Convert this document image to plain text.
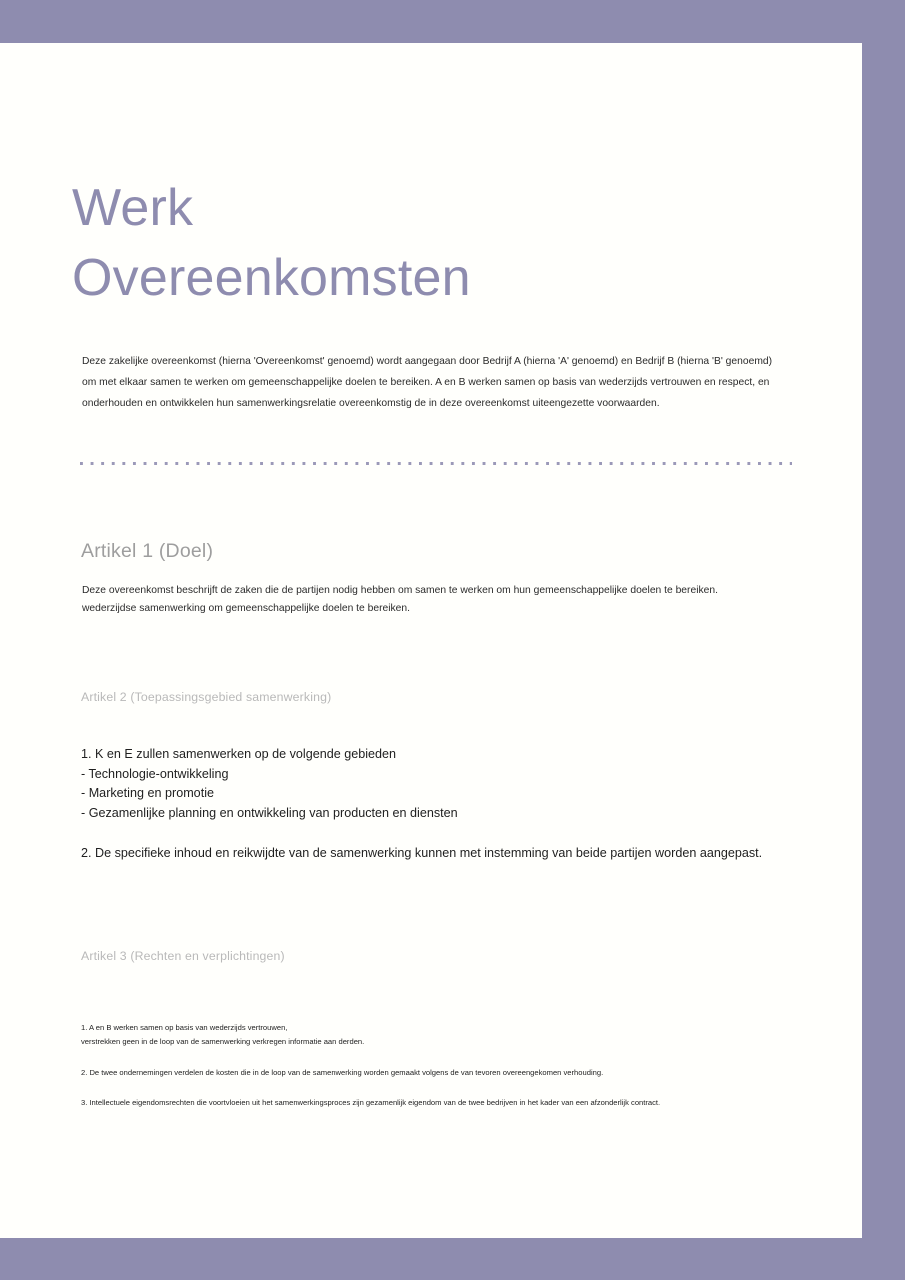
Werk
Overeenkomsten

Deze zakelijke overeenkomst (hierna 'Overeenkomst' genoemd) wordt aangegaan door Bedrijf A (hierna 'A' genoemd) en Bedrijf B (hierna 'B' genoemd) om met elkaar samen te werken om gemeenschappelijke doelen te bereiken. A en B werken samen op basis van wederzijds vertrouwen en respect, en onderhouden en ontwikkelen hun samenwerkingsrelatie overeenkomstig de in deze overeenkomst uiteengezette voorwaarden.

Artikel 1 (Doel)
Deze overeenkomst beschrijft de zaken die de partijen nodig hebben om samen te werken om hun gemeenschappelijke doelen te bereiken.
wederzijdse samenwerking om gemeenschappelijke doelen te bereiken.
Artikel 2 (Toepassingsgebied samenwerking)
1. K en E zullen samenwerken op de volgende gebieden
- Technologie-ontwikkeling
- Marketing en promotie
- Gezamenlijke planning en ontwikkeling van producten en diensten
2. De specifieke inhoud en reikwijdte van de samenwerking kunnen met instemming van beide partijen worden aangepast.
Artikel 3 (Rechten en verplichtingen)
1. A en B werken samen op basis van wederzijds vertrouwen,
verstrekken geen in de loop van de samenwerking verkregen informatie aan derden.
2. De twee ondernemingen verdelen de kosten die in de loop van de samenwerking worden gemaakt volgens de van tevoren overeengekomen verhouding.
3. Intellectuele eigendomsrechten die voortvloeien uit het samenwerkingsproces zijn gezamenlijk eigendom van de twee bedrijven in het kader van een afzonderlijk contract.
